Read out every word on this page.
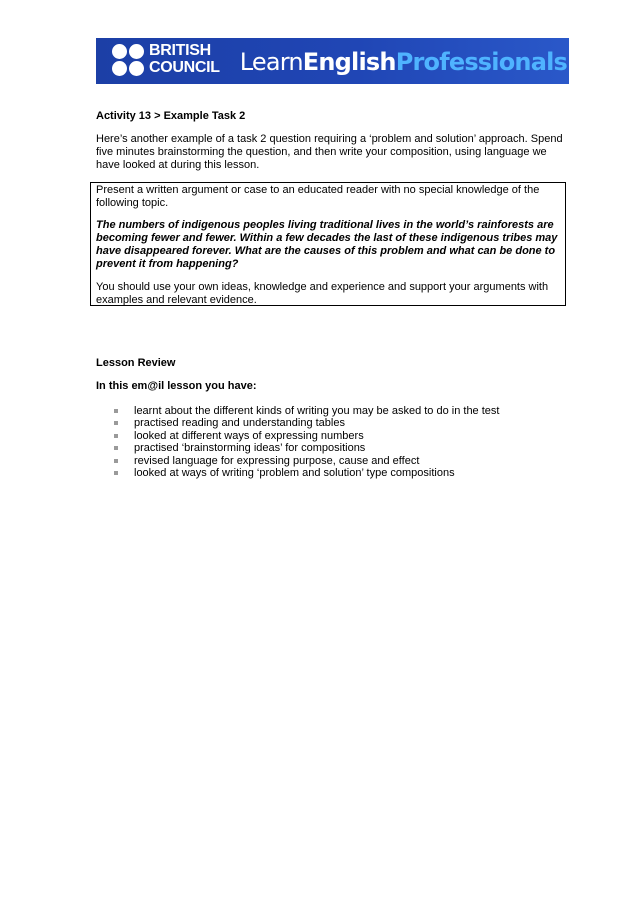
BRITISH
COUNCIL LearnEnglishProfessionals
Activity 13 > Example Task 2
Here’s another example of a task 2 question requiring a ‘problem and solution’ approach. Spend five minutes brainstorming the question, and then write your composition, using language we have looked at during this lesson.

Present a written argument or case to an educated reader with no special knowledge of the following topic.

The numbers of indigenous peoples living traditional lives in the world’s rainforests are becoming fewer and fewer. Within a few decades the last of these indigenous tribes may have disappeared forever. What are the causes of this problem and what can be done to prevent it from happening?

You should use your own ideas, knowledge and experience and support your arguments with examples and relevant evidence.

Lesson Review
In this em@il lesson you have:
learnt about the different kinds of writing you may be asked to do in the test
practised reading and understanding tables
looked at different ways of expressing numbers
practised ‘brainstorming ideas’ for compositions
revised language for expressing purpose, cause and effect
looked at ways of writing ‘problem and solution’ type compositions
